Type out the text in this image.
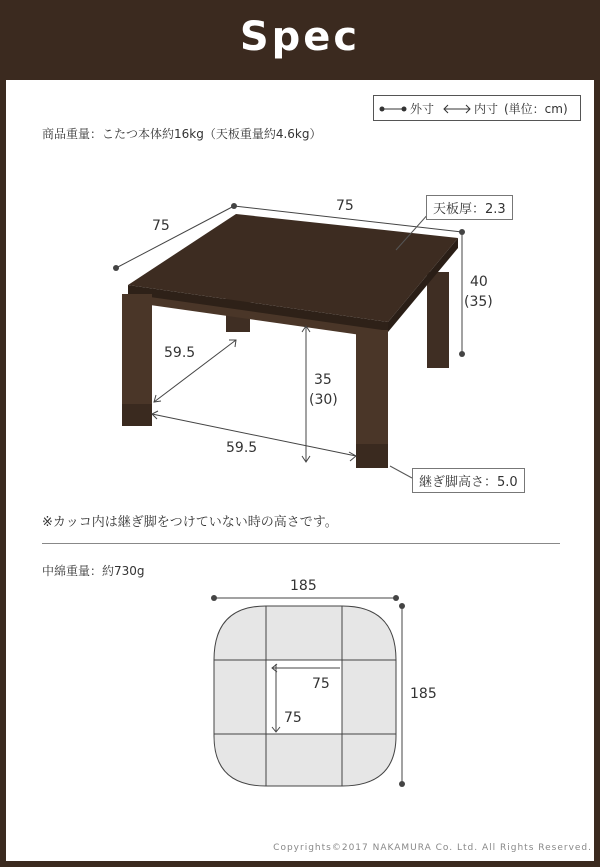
Spec
外寸	内寸 (単位：cm)
商品重量：こたつ本体約16kg（天板重量約4.6kg）
75
75	天板厚：2.3
40
(35)
59.5
35
(30)
59.5
継ぎ脚高さ：5.0
※カッコ内は継ぎ脚をつけていない時の高さです。
中綿重量：約730g
185
185
75
75
Copyrights©2017 NAKAMURA Co. Ltd. All Rights Reserved.
